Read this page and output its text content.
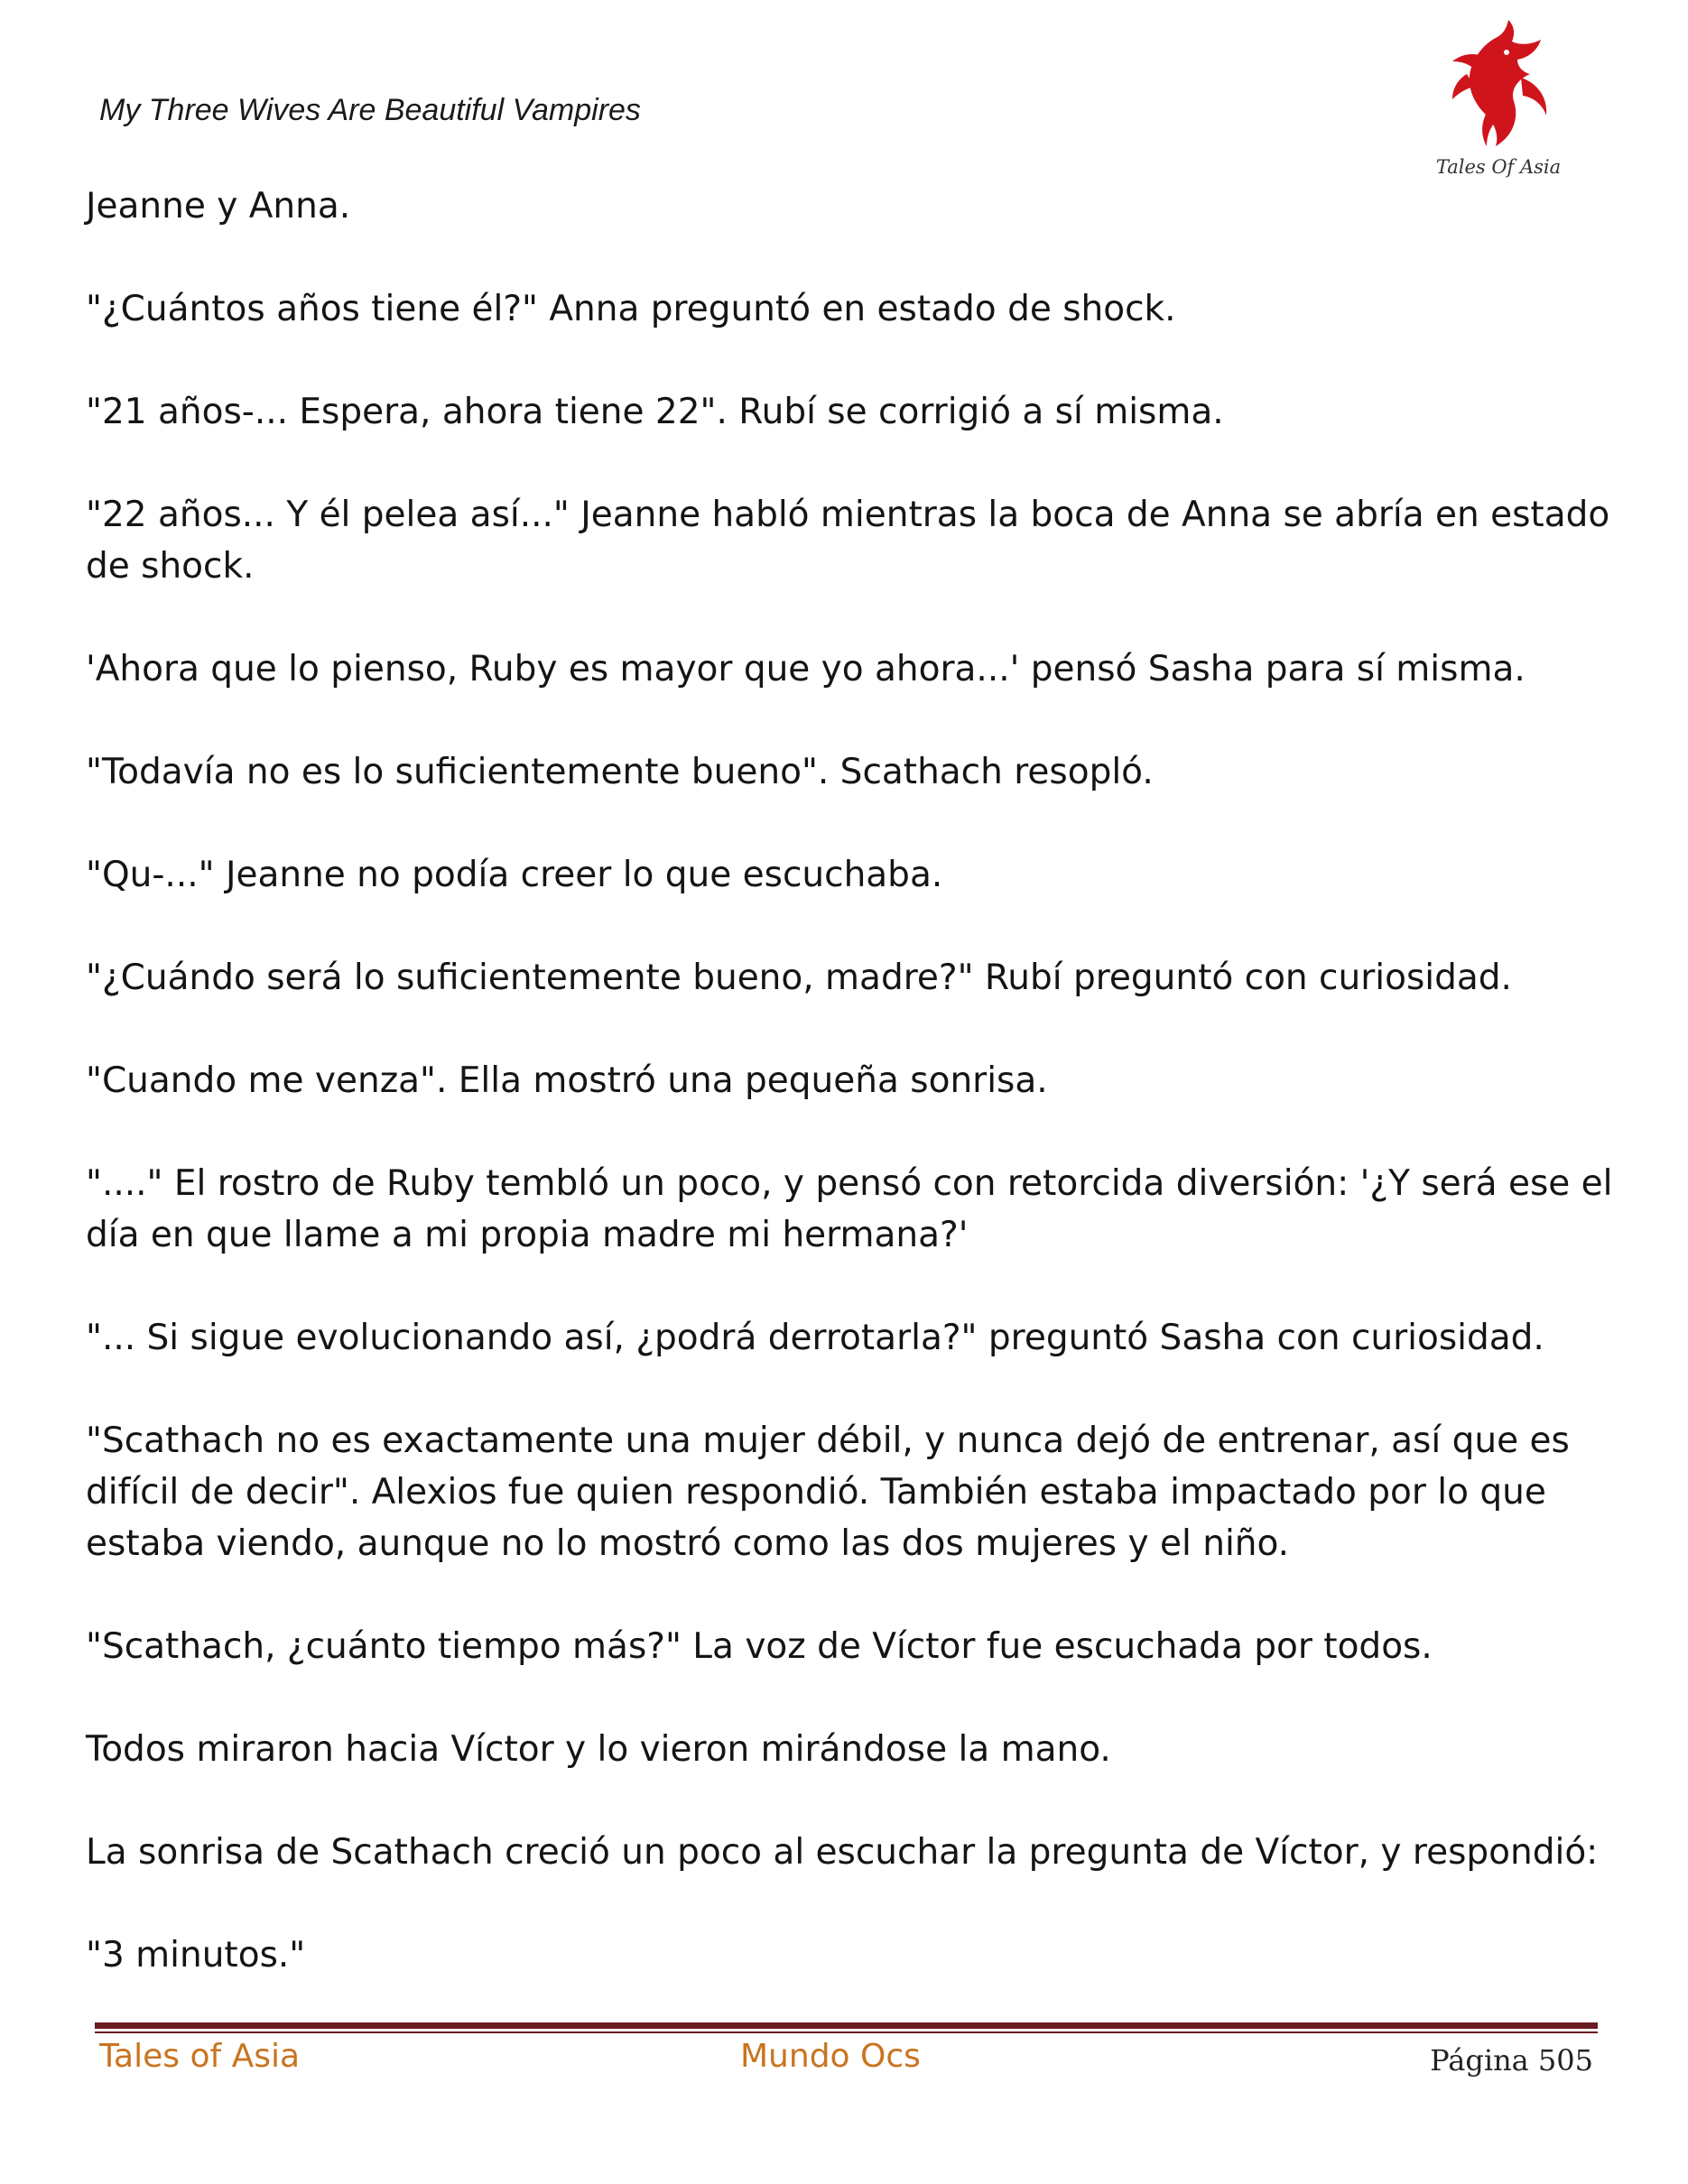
My Three Wives Are Beautiful Vampires
Tales Of Asia

Jeanne y Anna.

"¿Cuántos años tiene él?" Anna preguntó en estado de shock.

"21 años-... Espera, ahora tiene 22". Rubí se corrigió a sí misma.

"22 años... Y él pelea así..." Jeanne habló mientras la boca de Anna se abría en estado de shock.

'Ahora que lo pienso, Ruby es mayor que yo ahora...' pensó Sasha para sí misma.

"Todavía no es lo suficientemente bueno". Scathach resopló.

"Qu-..." Jeanne no podía creer lo que escuchaba.

"¿Cuándo será lo suficientemente bueno, madre?" Rubí preguntó con curiosidad.

"Cuando me venza". Ella mostró una pequeña sonrisa.

"...." El rostro de Ruby tembló un poco, y pensó con retorcida diversión: '¿Y será ese el día en que llame a mi propia madre mi hermana?'

"... Si sigue evolucionando así, ¿podrá derrotarla?" preguntó Sasha con curiosidad.

"Scathach no es exactamente una mujer débil, y nunca dejó de entrenar, así que es difícil de decir". Alexios fue quien respondió. También estaba impactado por lo que estaba viendo, aunque no lo mostró como las dos mujeres y el niño.

"Scathach, ¿cuánto tiempo más?" La voz de Víctor fue escuchada por todos.

Todos miraron hacia Víctor y lo vieron mirándose la mano.

La sonrisa de Scathach creció un poco al escuchar la pregunta de Víctor, y respondió:

"3 minutos."

Tales of Asia	Mundo Ocs	Página 505
